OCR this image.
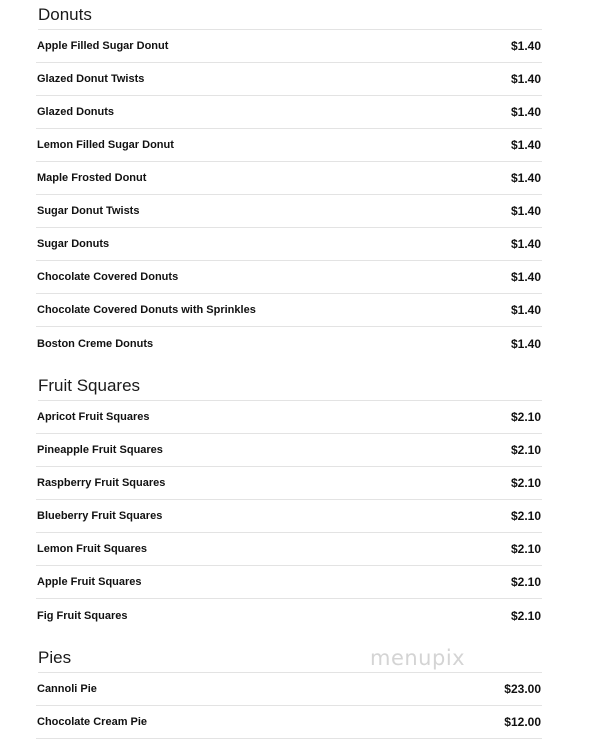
Donuts
Apple Filled Sugar Donut	$1.40
Glazed Donut Twists	$1.40
Glazed Donuts	$1.40
Lemon Filled Sugar Donut	$1.40
Maple Frosted Donut	$1.40
Sugar Donut Twists	$1.40
Sugar Donuts	$1.40
Chocolate Covered Donuts	$1.40
Chocolate Covered Donuts with Sprinkles	$1.40
Boston Creme Donuts	$1.40
Fruit Squares
Apricot Fruit Squares	$2.10
Pineapple Fruit Squares	$2.10
Raspberry Fruit Squares	$2.10
Blueberry Fruit Squares	$2.10
Lemon Fruit Squares	$2.10
Apple Fruit Squares	$2.10
Fig Fruit Squares	$2.10
Pies
Cannoli Pie	$23.00
Chocolate Cream Pie	$12.00
menupix
